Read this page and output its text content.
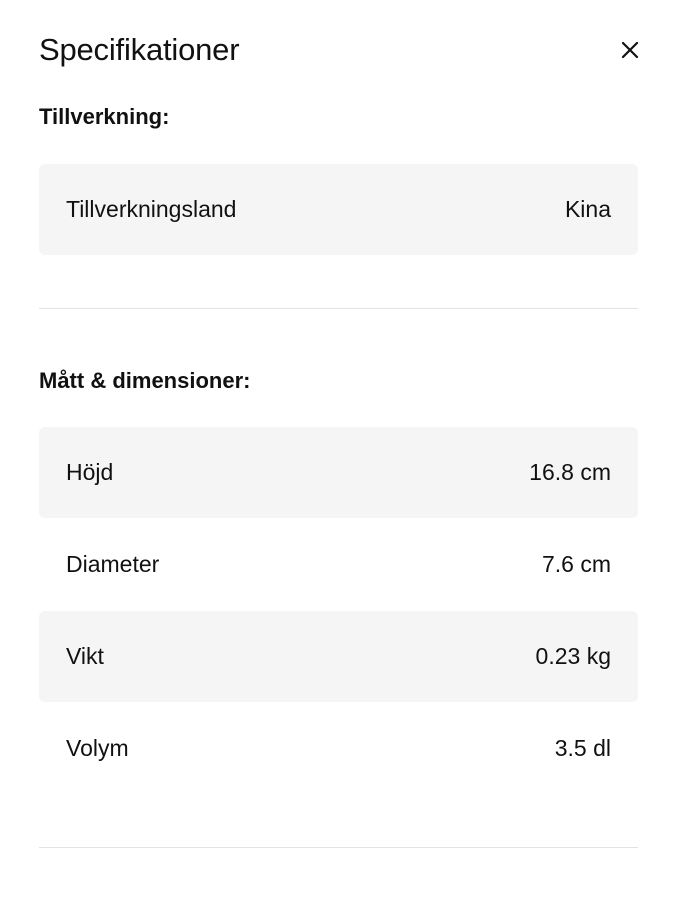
Specifikationer
Tillverkning:
Tillverkningsland	Kina
Mått & dimensioner:
Höjd	16.8 cm
Diameter	7.6 cm
Vikt	0.23 kg
Volym	3.5 dl
